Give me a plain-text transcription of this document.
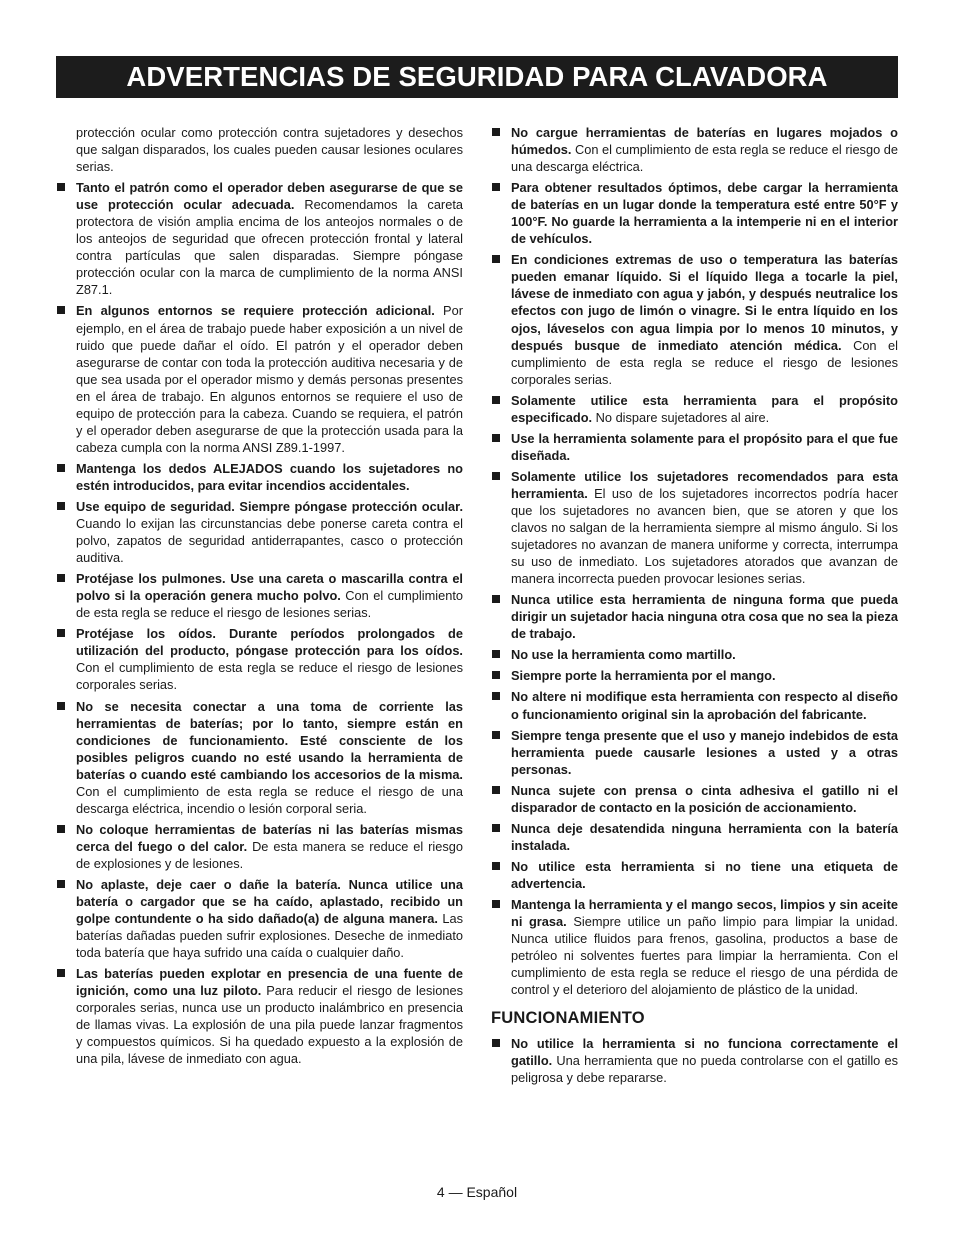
ADVERTENCIAS DE SEGURIDAD PARA CLAVADORA

protección ocular como protección contra sujetadores y desechos que salgan disparados, los cuales pueden causar lesiones oculares serias.

Tanto el patrón como el operador deben asegurarse de que se use protección ocular adecuada. Recomendamos la careta protectora de visión amplia encima de los anteojos normales o de los anteojos de seguridad que ofrecen protección frontal y lateral contra partículas que salen disparadas. Siempre póngase protección ocular con la marca de cumplimiento de la norma ANSI Z87.1.

En algunos entornos se requiere protección adicional. Por ejemplo, en el área de trabajo puede haber exposición a un nivel de ruido que puede dañar el oído. El patrón y el operador deben asegurarse de contar con toda la protección auditiva necesaria y de que sea usada por el operador mismo y demás personas presentes en el área de trabajo. En algunos entornos se requiere el uso de equipo de protección para la cabeza. Cuando se requiera, el patrón y el operador deben asegurarse de que la protección usada para la cabeza cumpla con la norma ANSI Z89.1-1997.

Mantenga los dedos ALEJADOS cuando los sujetadores no estén introducidos, para evitar incendios accidentales.

Use equipo de seguridad. Siempre póngase protección ocular. Cuando lo exijan las circunstancias debe ponerse careta contra el polvo, zapatos de seguridad antiderrapantes, casco o protección auditiva.

Protéjase los pulmones. Use una careta o mascarilla contra el polvo si la operación genera mucho polvo. Con el cumplimiento de esta regla se reduce el riesgo de lesiones serias.

Protéjase los oídos. Durante períodos prolongados de utilización del producto, póngase protección para los oídos. Con el cumplimiento de esta regla se reduce el riesgo de lesiones corporales serias.

No se necesita conectar a una toma de corriente las herramientas de baterías; por lo tanto, siempre están en condiciones de funcionamiento. Esté consciente de los posibles peligros cuando no esté usando la herramienta de baterías o cuando esté cambiando los accesorios de la misma. Con el cumplimiento de esta regla se reduce el riesgo de una descarga eléctrica, incendio o lesión corporal seria.

No coloque herramientas de baterías ni las baterías mismas cerca del fuego o del calor. De esta manera se reduce el riesgo de explosiones y de lesiones.

No aplaste, deje caer o dañe la batería. Nunca utilice una batería o cargador que se ha caído, aplastado, recibido un golpe contundente o ha sido dañado(a) de alguna manera. Las baterías dañadas pueden sufrir explosiones. Deseche de inmediato toda batería que haya sufrido una caída o cualquier daño.

Las baterías pueden explotar en presencia de una fuente de ignición, como una luz piloto. Para reducir el riesgo de lesiones corporales serias, nunca use un producto inalámbrico en presencia de llamas vivas. La explosión de una pila puede lanzar fragmentos y compuestos químicos. Si ha quedado expuesto a la explosión de una pila, lávese de inmediato con agua.

No cargue herramientas de baterías en lugares mojados o húmedos. Con el cumplimiento de esta regla se reduce el riesgo de una descarga eléctrica.

Para obtener resultados óptimos, debe cargar la herramienta de baterías en un lugar donde la temperatura esté entre 50°F y 100°F. No guarde la herramienta a la intemperie ni en el interior de vehículos.

En condiciones extremas de uso o temperatura las baterías pueden emanar líquido. Si el líquido llega a tocarle la piel, lávese de inmediato con agua y jabón, y después neutralice los efectos con jugo de limón o vinagre. Si le entra líquido en los ojos, láveselos con agua limpia por lo menos 10 minutos, y después busque de inmediato atención médica. Con el cumplimiento de esta regla se reduce el riesgo de lesiones corporales serias.

Solamente utilice esta herramienta para el propósito especificado. No dispare sujetadores al aire.

Use la herramienta solamente para el propósito para el que fue diseñada.

Solamente utilice los sujetadores recomendados para esta herramienta. El uso de los sujetadores incorrectos podría hacer que los sujetadores no avancen bien, que se atoren y que los clavos no salgan de la herramienta siempre al mismo ángulo. Si los sujetadores no avanzan de manera uniforme y correcta, interrumpa su uso de inmediato. Los sujetadores atorados que avanzan de manera incorrecta pueden provocar lesiones serias.

Nunca utilice esta herramienta de ninguna forma que pueda dirigir un sujetador hacia ninguna otra cosa que no sea la pieza de trabajo.

No use la herramienta como martillo.

Siempre porte la herramienta por el mango.

No altere ni modifique esta herramienta con respecto al diseño o funcionamiento original sin la aprobación del fabricante.

Siempre tenga presente que el uso y manejo indebidos de esta herramienta puede causarle lesiones a usted y a otras personas.

Nunca sujete con prensa o cinta adhesiva el gatillo ni el disparador de contacto en la posición de accionamiento.

Nunca deje desatendida ninguna herramienta con la batería instalada.

No utilice esta herramienta si no tiene una etiqueta de advertencia.

Mantenga la herramienta y el mango secos, limpios y sin aceite ni grasa. Siempre utilice un paño limpio para limpiar la unidad. Nunca utilice fluidos para frenos, gasolina, productos a base de petróleo ni solventes fuertes para limpiar la herramienta. Con el cumplimiento de esta regla se reduce el riesgo de una pérdida de control y el deterioro del alojamiento de plástico de la unidad.

FUNCIONAMIENTO

No utilice la herramienta si no funciona correctamente el gatillo. Una herramienta que no pueda controlarse con el gatillo es peligrosa y debe repararse.

4 — Español
